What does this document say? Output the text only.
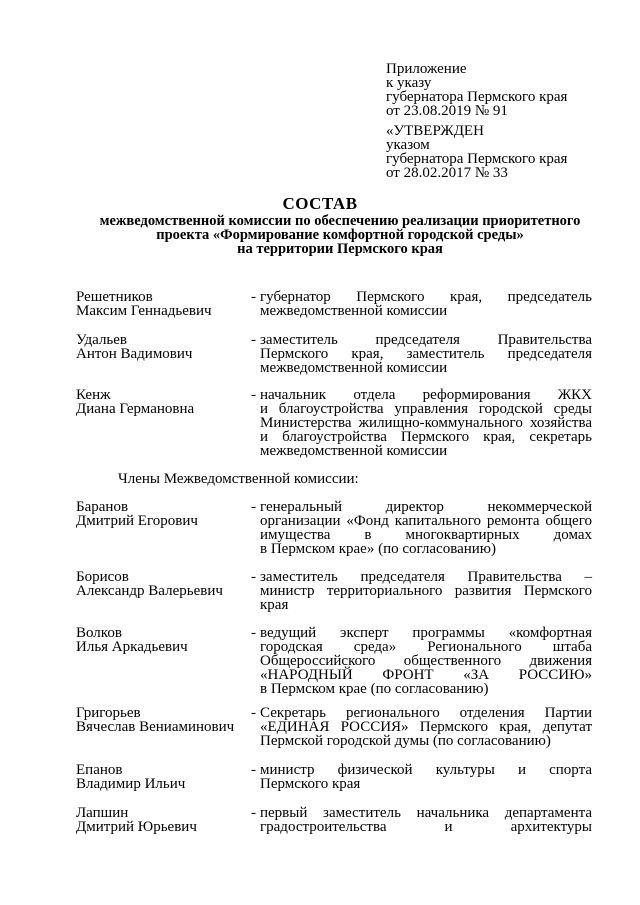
Приложение
к указу
губернатора Пермского края
от 23.08.2019 № 91
«УТВЕРЖДЕН
указом
губернатора Пермского края
от 28.02.2017 № 33
СОСТАВ
межведомственной комиссии по обеспечению реализации приоритетного
проекта «Формирование комфортной городской среды»
на территории Пермского края
Решетников
Максим Геннадьевич
- губернатор Пермского края, председатель
межведомственной комиссии
Удальев
Антон Вадимович
- заместитель председателя Правительства
Пермского края, заместитель председателя
межведомственной комиссии
Кенж
Диана Германовна
- начальник отдела реформирования ЖКХ
и благоустройства управления городской среды
Министерства жилищно-коммунального хозяйства
и благоустройства Пермского края, секретарь
межведомственной комиссии
Члены Межведомственной комиссии:
Баранов
Дмитрий Егорович
- генеральный директор некоммерческой
организации «Фонд капитального ремонта общего
имущества в многоквартирных домах
в Пермском крае» (по согласованию)
Борисов
Александр Валерьевич
- заместитель председателя Правительства –
министр территориального развития Пермского
края
Волков
Илья Аркадьевич
- ведущий эксперт программы «комфортная
городская среда» Регионального штаба
Общероссийского общественного движения
«НАРОДНЫЙ ФРОНТ «ЗА РОССИЮ»
в Пермском крае (по согласованию)
Григорьев
Вячеслав Вениаминович
- Секретарь регионального отделения Партии
«ЕДИНАЯ РОССИЯ» Пермского края, депутат
Пермской городской думы (по согласованию)
Епанов
Владимир Ильич
- министр физической культуры и спорта
Пермского края
Лапшин
Дмитрий Юрьевич
- первый заместитель начальника департамента
градостроительства и архитектуры
